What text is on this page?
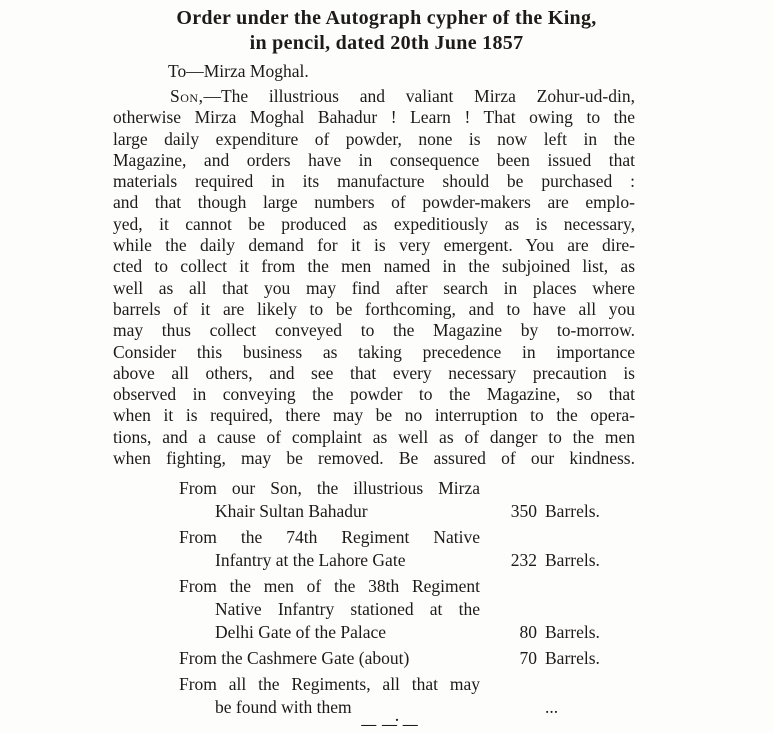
Order under the Autograph cypher of the King,
in pencil, dated 20th June 1857
To—Mirza Moghal.
Son,—The illustrious and valiant Mirza Zohur-ud-din,
otherwise Mirza Moghal Bahadur ! Learn ! That owing to the
large daily expenditure of powder, none is now left in the
Magazine, and orders have in consequence been issued that
materials required in its manufacture should be purchased :
and that though large numbers of powder-makers are emplo-
yed, it cannot be produced as expeditiously as is necessary,
while the daily demand for it is very emergent. You are dire-
cted to collect it from the men named in the subjoined list, as
well as all that you may find after search in places where
barrels of it are likely to be forthcoming, and to have all you
may thus collect conveyed to the Magazine by to-morrow.
Consider this business as taking precedence in importance
above all others, and see that every necessary precaution is
observed in conveying the powder to the Magazine, so that
when it is required, there may be no interruption to the opera-
tions, and a cause of complaint as well as of danger to the men
when fighting, may be removed. Be assured of our kindness.
From our Son, the illustrious Mirza
Khair Sultan Bahadur	350 Barrels.
From the 74th Regiment Native
Infantry at the Lahore Gate	232 Barrels.
From the men of the 38th Regiment
Native Infantry stationed at the
Delhi Gate of the Palace	80 Barrels.
From the Cashmere Gate (about)	70 Barrels.
From all the Regiments, all that may
be found with them	...
— —̇ —
